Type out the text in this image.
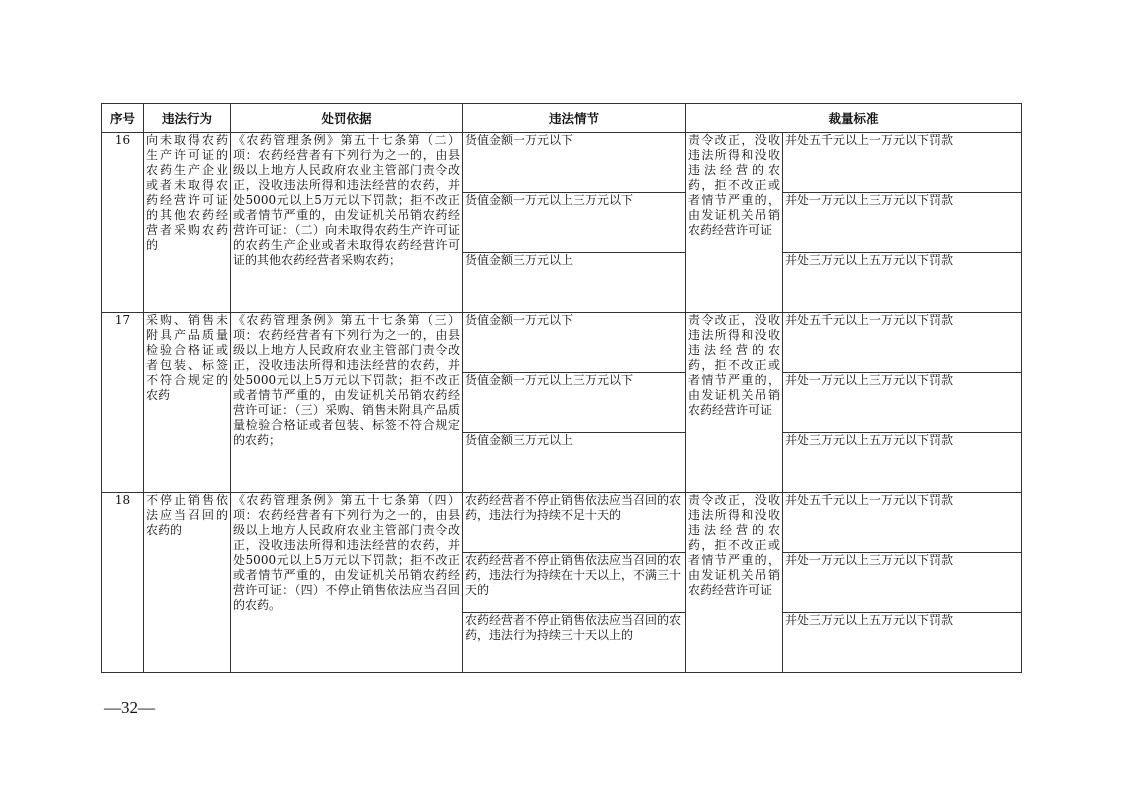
序号	违法行为	处罚依据	违法情节	裁量标准	
16	向未取得农药生产许可证的农药生产企业或者未取得农药经营许可证的其他农药经营者采购农药的	《农药管理条例》第五十七条第（二）项：农药经营者有下列行为之一的，由县级以上地方人民政府农业主管部门责令改正，没收违法所得和违法经营的农药，并处5000元以上5万元以下罚款；拒不改正或者情节严重的，由发证机关吊销农药经营许可证：（二）向未取得农药生产许可证的农药生产企业或者未取得农药经营许可证的其他农药经营者采购农药；	货值金额一万元以下	责令改正，没收违法所得和没收违法经营的农药，拒不改正或者情节严重的，由发证机关吊销农药经营许可证	并处五千元以上一万元以下罚款
			货值金额一万元以上三万元以下		并处一万元以上三万元以下罚款
			货值金额三万元以上		并处三万元以上五万元以下罚款
17	采购、销售未附具产品质量检验合格证或者包装、标签不符合规定的农药	《农药管理条例》第五十七条第（三）项：农药经营者有下列行为之一的，由县级以上地方人民政府农业主管部门责令改正，没收违法所得和违法经营的农药，并处5000元以上5万元以下罚款；拒不改正或者情节严重的，由发证机关吊销农药经营许可证：（三）采购、销售未附具产品质量检验合格证或者包装、标签不符合规定的农药；	货值金额一万元以下	责令改正，没收违法所得和没收违法经营的农药，拒不改正或者情节严重的，由发证机关吊销农药经营许可证	并处五千元以上一万元以下罚款
			货值金额一万元以上三万元以下		并处一万元以上三万元以下罚款
			货值金额三万元以上		并处三万元以上五万元以下罚款
18	不停止销售依法应当召回的农药的	《农药管理条例》第五十七条第（四）项：农药经营者有下列行为之一的，由县级以上地方人民政府农业主管部门责令改正，没收违法所得和违法经营的农药，并处5000元以上5万元以下罚款；拒不改正或者情节严重的，由发证机关吊销农药经营许可证：（四）不停止销售依法应当召回的农药。	农药经营者不停止销售依法应当召回的农药，违法行为持续不足十天的	责令改正，没收违法所得和没收违法经营的农药，拒不改正或者情节严重的，由发证机关吊销农药经营许可证	并处五千元以上一万元以下罚款
			农药经营者不停止销售依法应当召回的农药，违法行为持续在十天以上，不满三十天的		并处一万元以上三万元以下罚款
			农药经营者不停止销售依法应当召回的农药，违法行为持续三十天以上的		并处三万元以上五万元以下罚款
—32—
